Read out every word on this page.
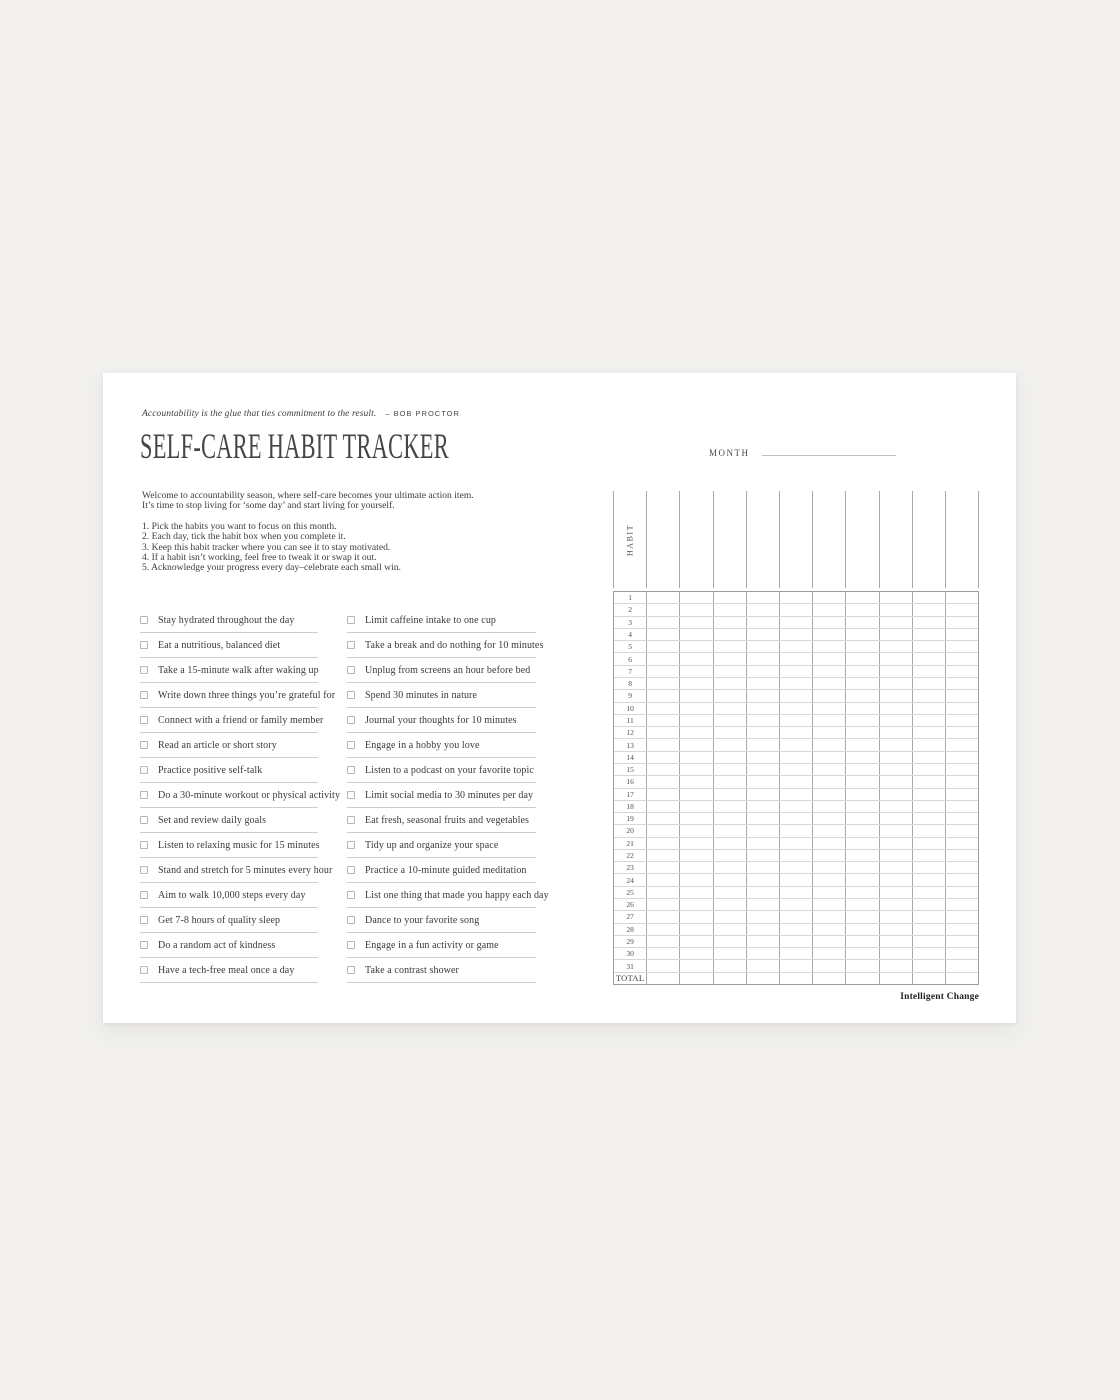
Accountability is the glue that ties commitment to the result. – BOB PROCTOR
SELF-CARE HABIT TRACKER	MONTH
Welcome to accountability season, where self-care becomes your ultimate action item.
It’s time to stop living for ‘some day’ and start living for yourself.
1. Pick the habits you want to focus on this month.
2. Each day, tick the habit box when you complete it.
3. Keep this habit tracker where you can see it to stay motivated.
4. If a habit isn’t working, feel free to tweak it or swap it out.
5. Acknowledge your progress every day–celebrate each small win.
Stay hydrated throughout the day
Eat a nutritious, balanced diet
Take a 15-minute walk after waking up
Write down three things you’re grateful for
Connect with a friend or family member
Read an article or short story
Practice positive self-talk
Do a 30-minute workout or physical activity
Set and review daily goals
Listen to relaxing music for 15 minutes
Stand and stretch for 5 minutes every hour
Aim to walk 10,000 steps every day
Get 7-8 hours of quality sleep
Do a random act of kindness
Have a tech-free meal once a day
Limit caffeine intake to one cup
Take a break and do nothing for 10 minutes
Unplug from screens an hour before bed
Spend 30 minutes in nature
Journal your thoughts for 10 minutes
Engage in a hobby you love
Listen to a podcast on your favorite topic
Limit social media to 30 minutes per day
Eat fresh, seasonal fruits and vegetables
Tidy up and organize your space
Practice a 10-minute guided meditation
List one thing that made you happy each day
Dance to your favorite song
Engage in a fun activity or game
Take a contrast shower
HABIT
1
2
3
4
5
6
7
8
9
10
11
12
13
14
15
16
17
18
19
20
21
22
23
24
25
26
27
28
29
30
31
TOTAL
Intelligent Change
